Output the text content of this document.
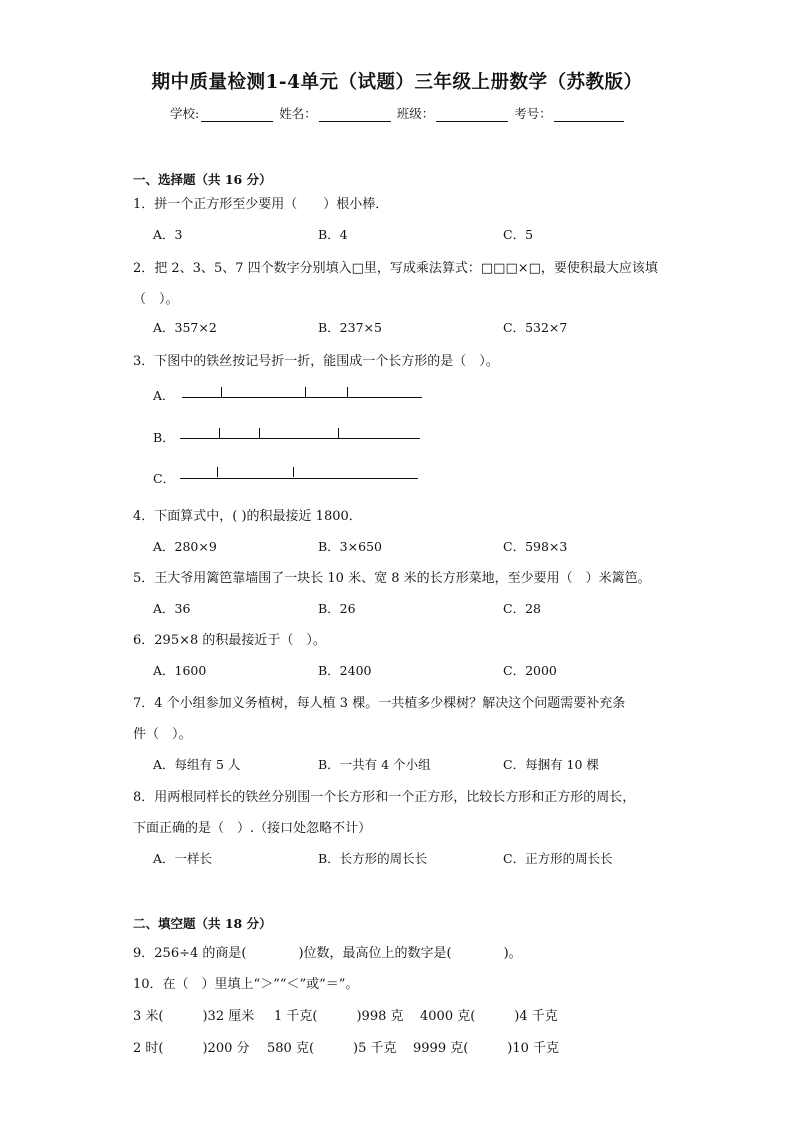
期中质量检测1-4单元（试题）三年级上册数学（苏教版）
学校:	姓名：	班级：	考号：
一、选择题（共 16 分）
1．拼一个正方形至少要用（　　）根小棒．
A．3	B．4	C．5
2．把 2、3、5、7 四个数字分别填入□里，写成乘法算式：□□□×□，要使积最大应该填
（　）。
A．357×2	B．237×5	C．532×7
3．下图中的铁丝按记号折一折，能围成一个长方形的是（　）。
A．
B．
C．
4．下面算式中，( )的积最接近 1800．
A．280×9	B．3×650	C．598×3
5．王大爷用篱笆靠墙围了一块长 10 米、宽 8 米的长方形菜地，至少要用（　）米篱笆。
A．36	B．26	C．28
6．295×8 的积最接近于（　）。
A．1600	B．2400	C．2000
7．4 个小组参加义务植树，每人植 3 棵。一共植多少棵树？解决这个问题需要补充条
件（　）。
A．每组有 5 人	B．一共有 4 个小组	C．每捆有 10 棵
8．用两根同样长的铁丝分别围一个长方形和一个正方形，比较长方形和正方形的周长，
下面正确的是（　）.（接口处忽略不计）
A．一样长	B．长方形的周长长	C．正方形的周长长
二、填空题（共 18 分）
9．256÷4 的商是(　　　　)位数，最高位上的数字是(　　　　)。
10．在（　）里填上“＞”“＜”或“＝”。
3 米(　　　)32 厘米 1 千克(　　　)998 克 4000 克(　　　)4 千克
2 时(　　　)200 分 580 克(　　　)5 千克 9999 克(　　　)10 千克
